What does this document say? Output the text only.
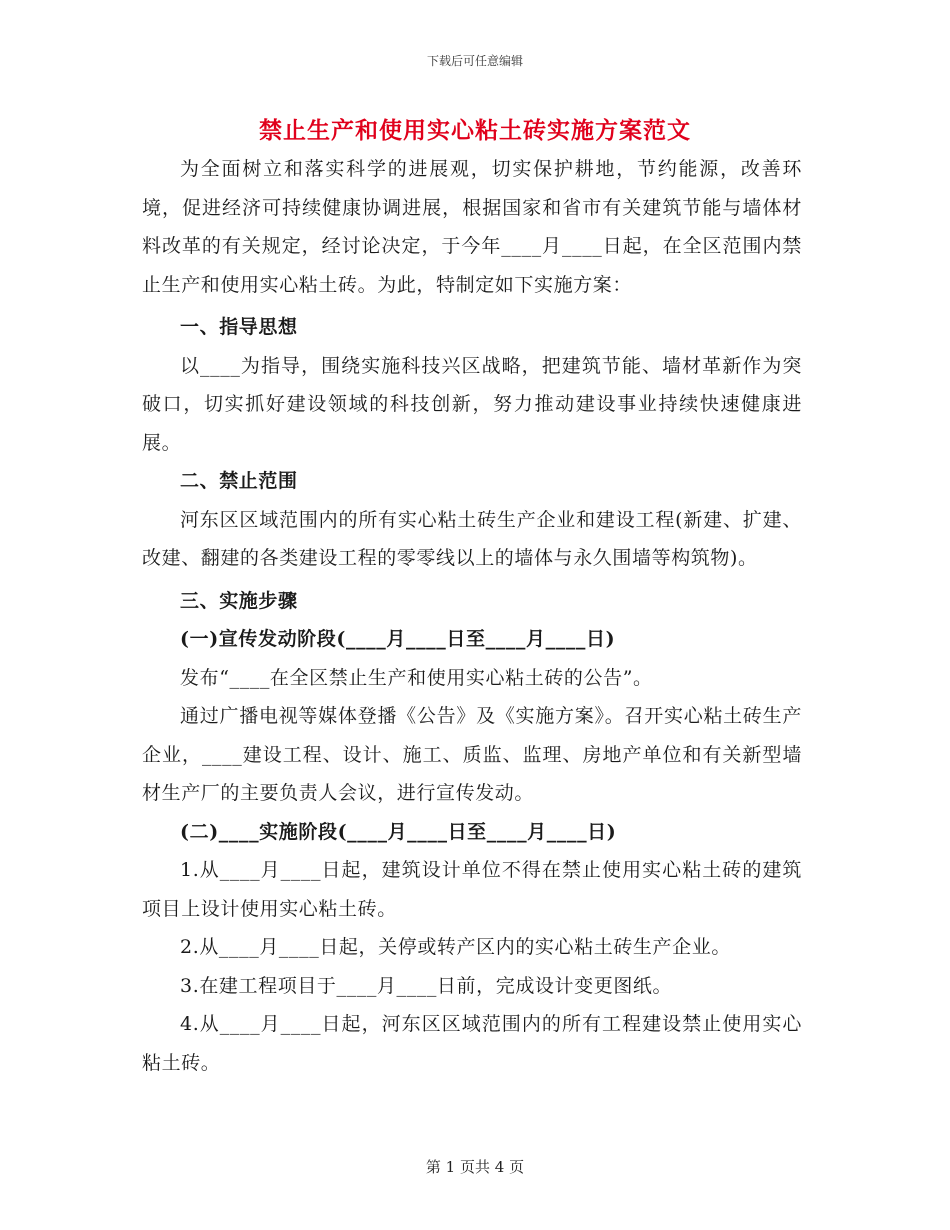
下载后可任意编辑
禁止生产和使用实心粘土砖实施方案范文

为全面树立和落实科学的进展观，切实保护耕地，节约能源，改善环境，促进经济可持续健康协调进展，根据国家和省市有关建筑节能与墙体材料改革的有关规定，经讨论决定，于今年____月____日起，在全区范围内禁止生产和使用实心粘土砖。为此，特制定如下实施方案：

一、指导思想

以____为指导，围绕实施科技兴区战略，把建筑节能、墙材革新作为突破口，切实抓好建设领域的科技创新，努力推动建设事业持续快速健康进展。

二、禁止范围

河东区区域范围内的所有实心粘土砖生产企业和建设工程(新建、扩建、改建、翻建的各类建设工程的零零线以上的墙体与永久围墙等构筑物)。

三、实施步骤

(一)宣传发动阶段(____月____日至____月____日)

发布“____在全区禁止生产和使用实心粘土砖的公告”。

通过广播电视等媒体登播《公告》及《实施方案》。召开实心粘土砖生产企业，____建设工程、设计、施工、质监、监理、房地产单位和有关新型墙材生产厂的主要负责人会议，进行宣传发动。

(二)____实施阶段(____月____日至____月____日)

1.从____月____日起，建筑设计单位不得在禁止使用实心粘土砖的建筑项目上设计使用实心粘土砖。

2.从____月____日起，关停或转产区内的实心粘土砖生产企业。

3.在建工程项目于____月____日前，完成设计变更图纸。

4.从____月____日起，河东区区域范围内的所有工程建设禁止使用实心粘土砖。

第 1 页共 4 页
